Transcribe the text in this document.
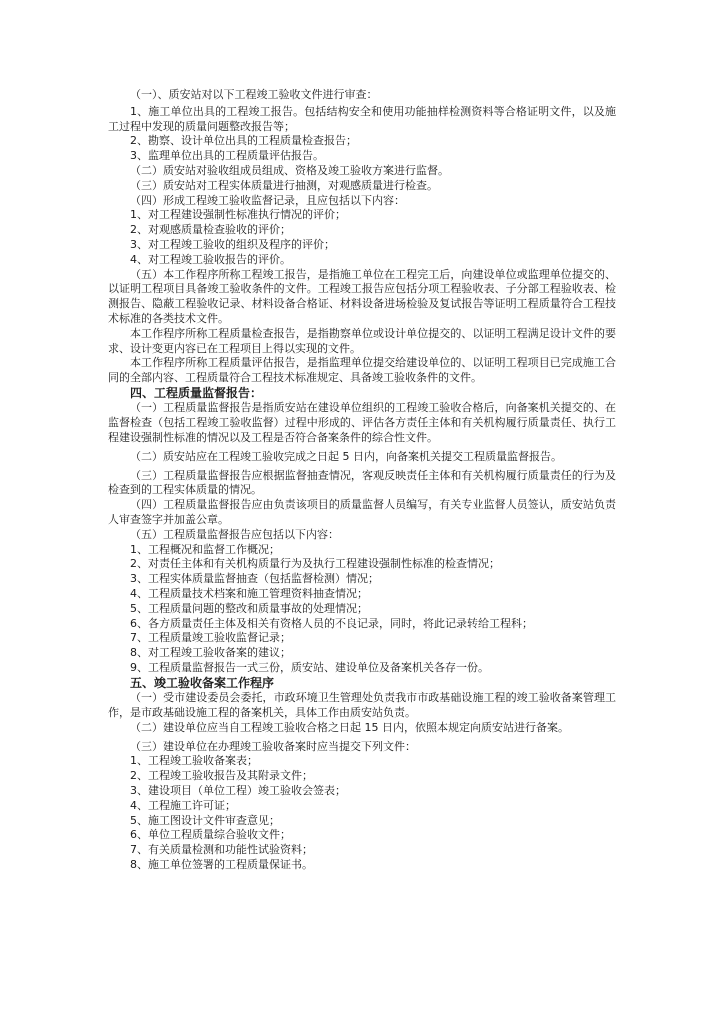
（一）、质安站对以下工程竣工验收文件进行审查：

1、施工单位出具的工程竣工报告。包括结构安全和使用功能抽样检测资料等合格证明文件，以及施工过程中发现的质量问题整改报告等；

2、勘察、设计单位出具的工程质量检查报告；
3、监理单位出具的工程质量评估报告。
（二）质安站对验收组成员组成、资格及竣工验收方案进行监督。
（三）质安站对工程实体质量进行抽测，对观感质量进行检查。
（四）形成工程竣工验收监督记录，且应包括以下内容：
1、对工程建设强制性标准执行情况的评价；
2、对观感质量检查验收的评价；
3、对工程竣工验收的组织及程序的评价；
4、对工程竣工验收报告的评价。

（五）本工作程序所称工程竣工报告，是指施工单位在工程完工后，向建设单位或监理单位提交的、以证明工程项目具备竣工验收条件的文件。工程竣工报告应包括分项工程验收表、子分部工程验收表、检测报告、隐蔽工程验收记录、材料设备合格证、材料设备进场检验及复试报告等证明工程质量符合工程技术标准的各类技术文件。

本工作程序所称工程质量检查报告，是指勘察单位或设计单位提交的、以证明工程满足设计文件的要求、设计变更内容已在工程项目上得以实现的文件。

本工作程序所称工程质量评估报告，是指监理单位提交给建设单位的、以证明工程项目已完成施工合同的全部内容、工程质量符合工程技术标准规定、具备竣工验收条件的文件。

四、工程质量监督报告：

（一）工程质量监督报告是指质安站在建设单位组织的工程竣工验收合格后，向备案机关提交的、在监督检查（包括工程竣工验收监督）过程中形成的、评估各方责任主体和有关机构履行质量责任、执行工程建设强制性标准的情况以及工程是否符合备案条件的综合性文件。

（二）质安站应在工程竣工验收完成之日起 5 日内，向备案机关提交工程质量监督报告。

（三）工程质量监督报告应根据监督抽查情况，客观反映责任主体和有关机构履行质量责任的行为及检查到的工程实体质量的情况。

（四）工程质量监督报告应由负责该项目的质量监督人员编写，有关专业监督人员签认，质安站负责人审查签字并加盖公章。

（五）工程质量监督报告应包括以下内容：
1、工程概况和监督工作概况；
2、对责任主体和有关机构质量行为及执行工程建设强制性标准的检查情况；
3、工程实体质量监督抽查（包括监督检测）情况；
4、工程质量技术档案和施工管理资料抽查情况；
5、工程质量问题的整改和质量事故的处理情况；
6、各方质量责任主体及相关有资格人员的不良记录，同时，将此记录转给工程科；
7、工程质量竣工验收监督记录；
8、对工程竣工验收备案的建议；
9、工程质量监督报告一式三份，质安站、建设单位及备案机关各存一份。
五、竣工验收备案工作程序

（一）受市建设委员会委托，市政环境卫生管理处负责我市市政基础设施工程的竣工验收备案管理工作，是市政基础设施工程的备案机关，具体工作由质安站负责。

（二）建设单位应当自工程竣工验收合格之日起 15 日内，依照本规定向质安站进行备案。

（三）建设单位在办理竣工验收备案时应当提交下列文件：
1、工程竣工验收备案表；
2、工程竣工验收报告及其附录文件；
3、建设项目（单位工程）竣工验收会签表；
4、工程施工许可证；
5、施工图设计文件审查意见；
6、单位工程质量综合验收文件；
7、有关质量检测和功能性试验资料；
8、施工单位签署的工程质量保证书。
